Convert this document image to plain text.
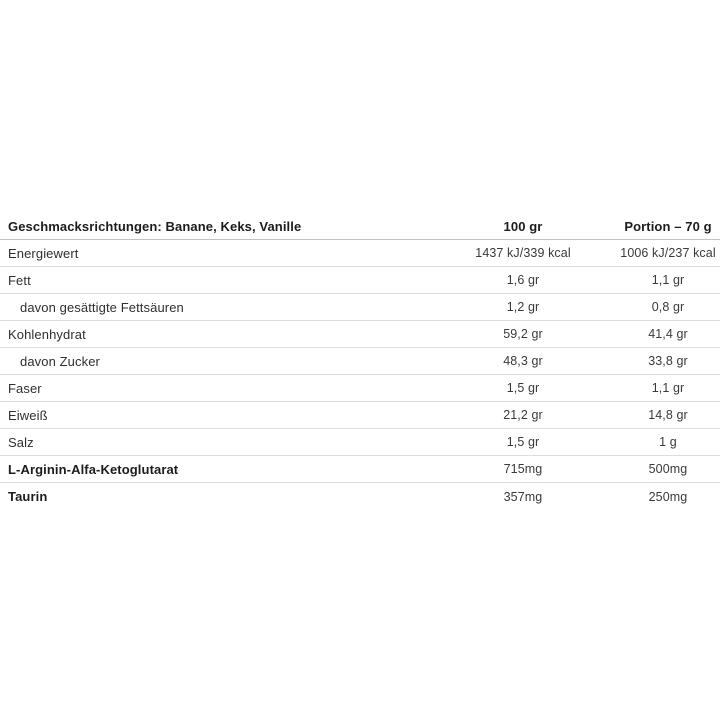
Geschmacksrichtungen: Banane, Keks, Vanille	100 gr	Portion – 70 g
Energiewert	1437 kJ/339 kcal	1006 kJ/237 kcal
Fett	1,6 gr	1,1 gr
davon gesättigte Fettsäuren	1,2 gr	0,8 gr
Kohlenhydrat	59,2 gr	41,4 gr
davon Zucker	48,3 gr	33,8 gr
Faser	1,5 gr	1,1 gr
Eiweiß	21,2 gr	14,8 gr
Salz	1,5 gr	1 g
L-Arginin-Alfa-Ketoglutarat	715mg	500mg
Taurin	357mg	250mg
